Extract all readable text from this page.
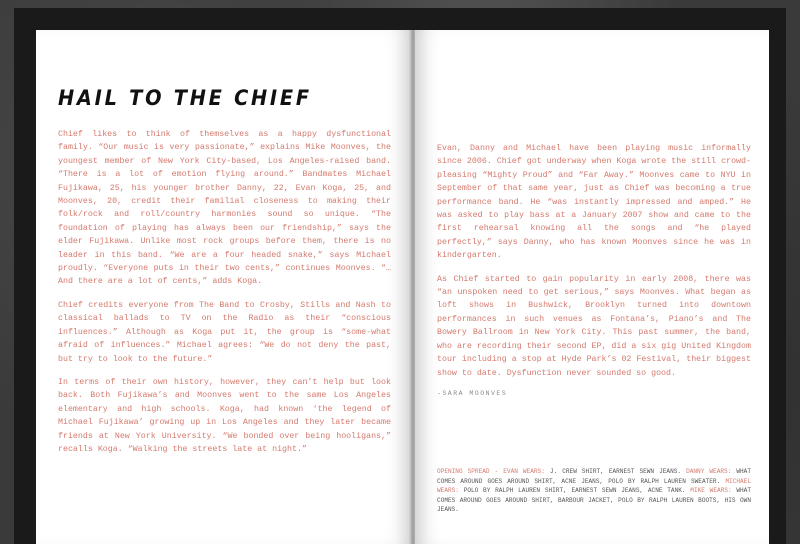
HAIL TO THE CHIEF

Chief likes to think of themselves as a happy dysfunctional family. “Our music is very passionate,” explains Mike Moonves, the youngest member of New York City-based, Los Angeles-raised band. “There is a lot of emotion flying around.” Bandmates Michael Fujikawa, 25, his younger brother Danny, 22, Evan Koga, 25, and Moonves, 20, credit their familial closeness to making their folk/rock and roll/country harmonies sound so unique. “The foundation of playing has always been our friendship,” says the elder Fujikawa. Unlike most rock groups before them, there is no leader in this band. “We are a four headed snake,” says Michael proudly. “Everyone puts in their two cents,” continues Moonves. “…And there are a lot of cents,” adds Koga.

Chief credits everyone from The Band to Crosby, Stills and Nash to classical ballads to TV on the Radio as their “conscious influences.” Although as Koga put it, the group is “some-what afraid of influences.” Michael agrees: “We do not deny the past, but try to look to the future.”

In terms of their own history, however, they can’t help but look back. Both Fujikawa’s and Moonves went to the same Los Angeles elementary and high schools. Koga, had known ‘the legend of Michael Fujikawa’ growing up in Los Angeles and they later became friends at New York University. “We bonded over being hooligans,” recalls Koga. “Walking the streets late at night.”

Evan, Danny and Michael have been playing music informally since 2006. Chief got underway when Koga wrote the still crowd-pleasing “Mighty Proud” and “Far Away.” Moonves came to NYU in September of that same year, just as Chief was becoming a true performance band. He “was instantly impressed and amped.” He was asked to play bass at a January 2007 show and came to the first rehearsal knowing all the songs and “he played perfectly,” says Danny, who has known Moonves since he was in kindergarten.

As Chief started to gain popularity in early 2008, there was “an unspoken need to get serious,” says Moonves. What began as loft shows in Bushwick, Brooklyn turned into downtown performances in such venues as Fontana’s, Piano’s and The Bowery Ballroom in New York City. This past summer, the band, who are recording their second EP, did a six gig United Kingdom tour including a stop at Hyde Park’s 02 Festival, their biggest show to date. Dysfunction never sounded so good.

-SARA MOONVES

OPENING SPREAD - EVAN WEARS: J. CREW SHIRT, EARNEST SEWN JEANS. DANNY WEARS: WHAT COMES AROUND GOES AROUND SHIRT, ACNE JEANS, POLO BY RALPH LAUREN SWEATER. MICHAEL WEARS: POLO BY RALPH LAUREN SHIRT, EARNEST SEWN JEANS, ACNE TANK. MIKE WEARS: WHAT COMES AROUND GOES AROUND SHIRT, BARBOUR JACKET, POLO BY RALPH LAUREN BOOTS, HIS OWN JEANS.
